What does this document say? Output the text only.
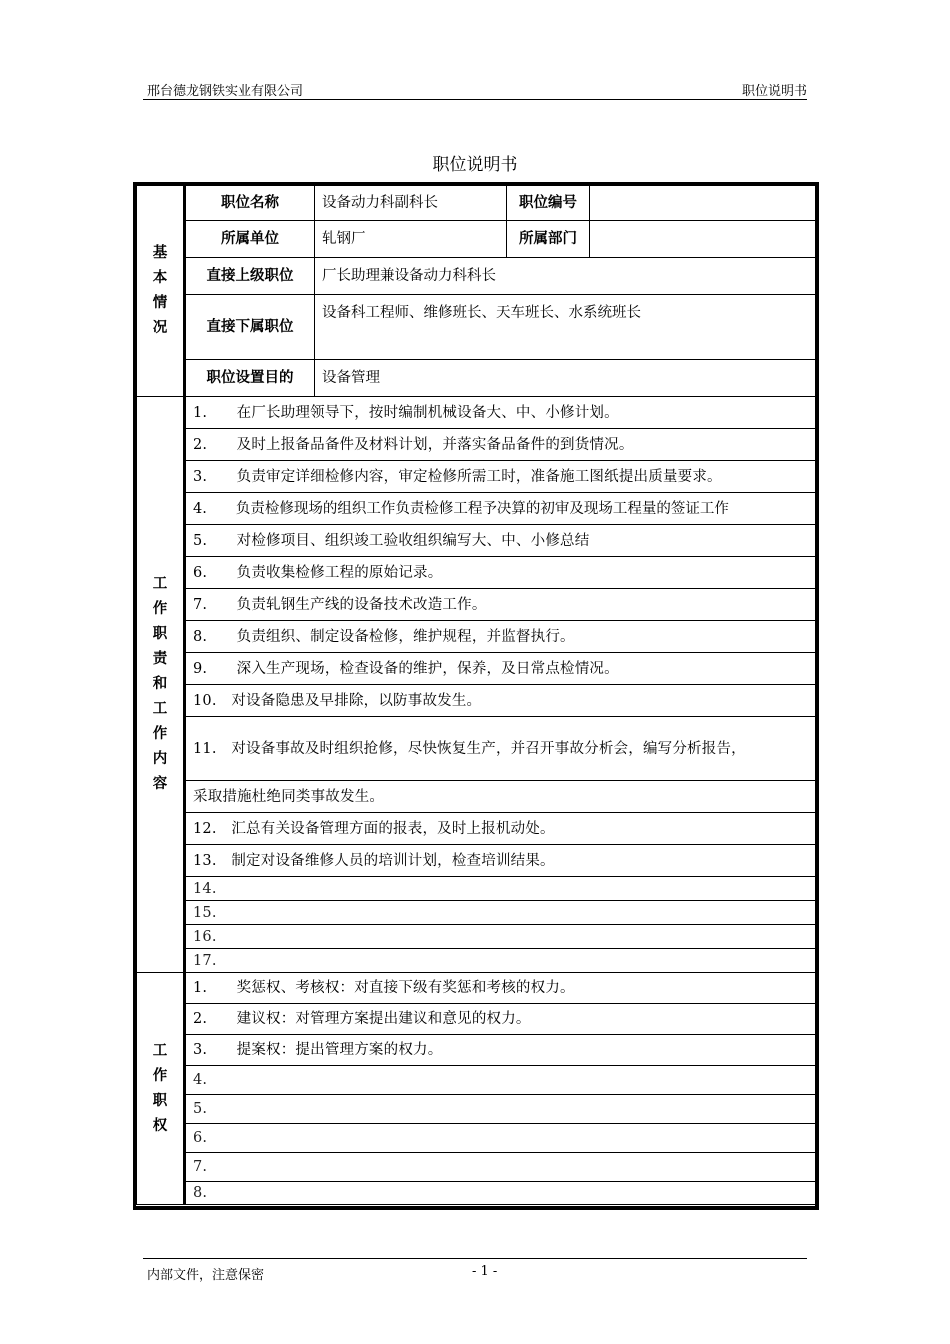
邢台德龙钢铁实业有限公司	职位说明书
职位说明书
基本情况	职位名称	设备动力科副科长	职位编号	
	所属单位	轧钢厂	所属部门	
	直接上级职位	厂长助理兼设备动力科科长		
	直接下属职位	设备科工程师、维修班长、天车班长、水系统班长		
	职位设置目的	设备管理		
工作职责和工作内容	1.　　在厂长助理领导下，按时编制机械设备大、中、小修计划。			
	2.　　及时上报备品备件及材料计划，并落实备品备件的到货情况。			
	3.　　负责审定详细检修内容，审定检修所需工时，准备施工图纸提出质量要求。			
	4.　　负责检修现场的组织工作负责检修工程予决算的初审及现场工程量的签证工作			
	5.　　对检修项目、组织竣工验收组织编写大、中、小修总结			
	6.　　负责收集检修工程的原始记录。			
	7.　　负责轧钢生产线的设备技术改造工作。			
	8.　　负责组织、制定设备检修，维护规程，并监督执行。			
	9.　　深入生产现场，检查设备的维护，保养，及日常点检情况。			
	10.　对设备隐患及早排除，以防事故发生。			
	11.　对设备事故及时组织抢修，尽快恢复生产，并召开事故分析会，编写分析报告，			
	采取措施杜绝同类事故发生。			
	12.　汇总有关设备管理方面的报表，及时上报机动处。			
	13.　制定对设备维修人员的培训计划，检查培训结果。			
	14.			
	15.			
	16.			
	17.			
工作职权	1.　　奖惩权、考核权：对直接下级有奖惩和考核的权力。			
	2.　　建议权：对管理方案提出建议和意见的权力。			
	3.　　提案权：提出管理方案的权力。			
	4.			
	5.			
	6.			
	7.			
	8.			
内部文件，注意保密	- 1 -
